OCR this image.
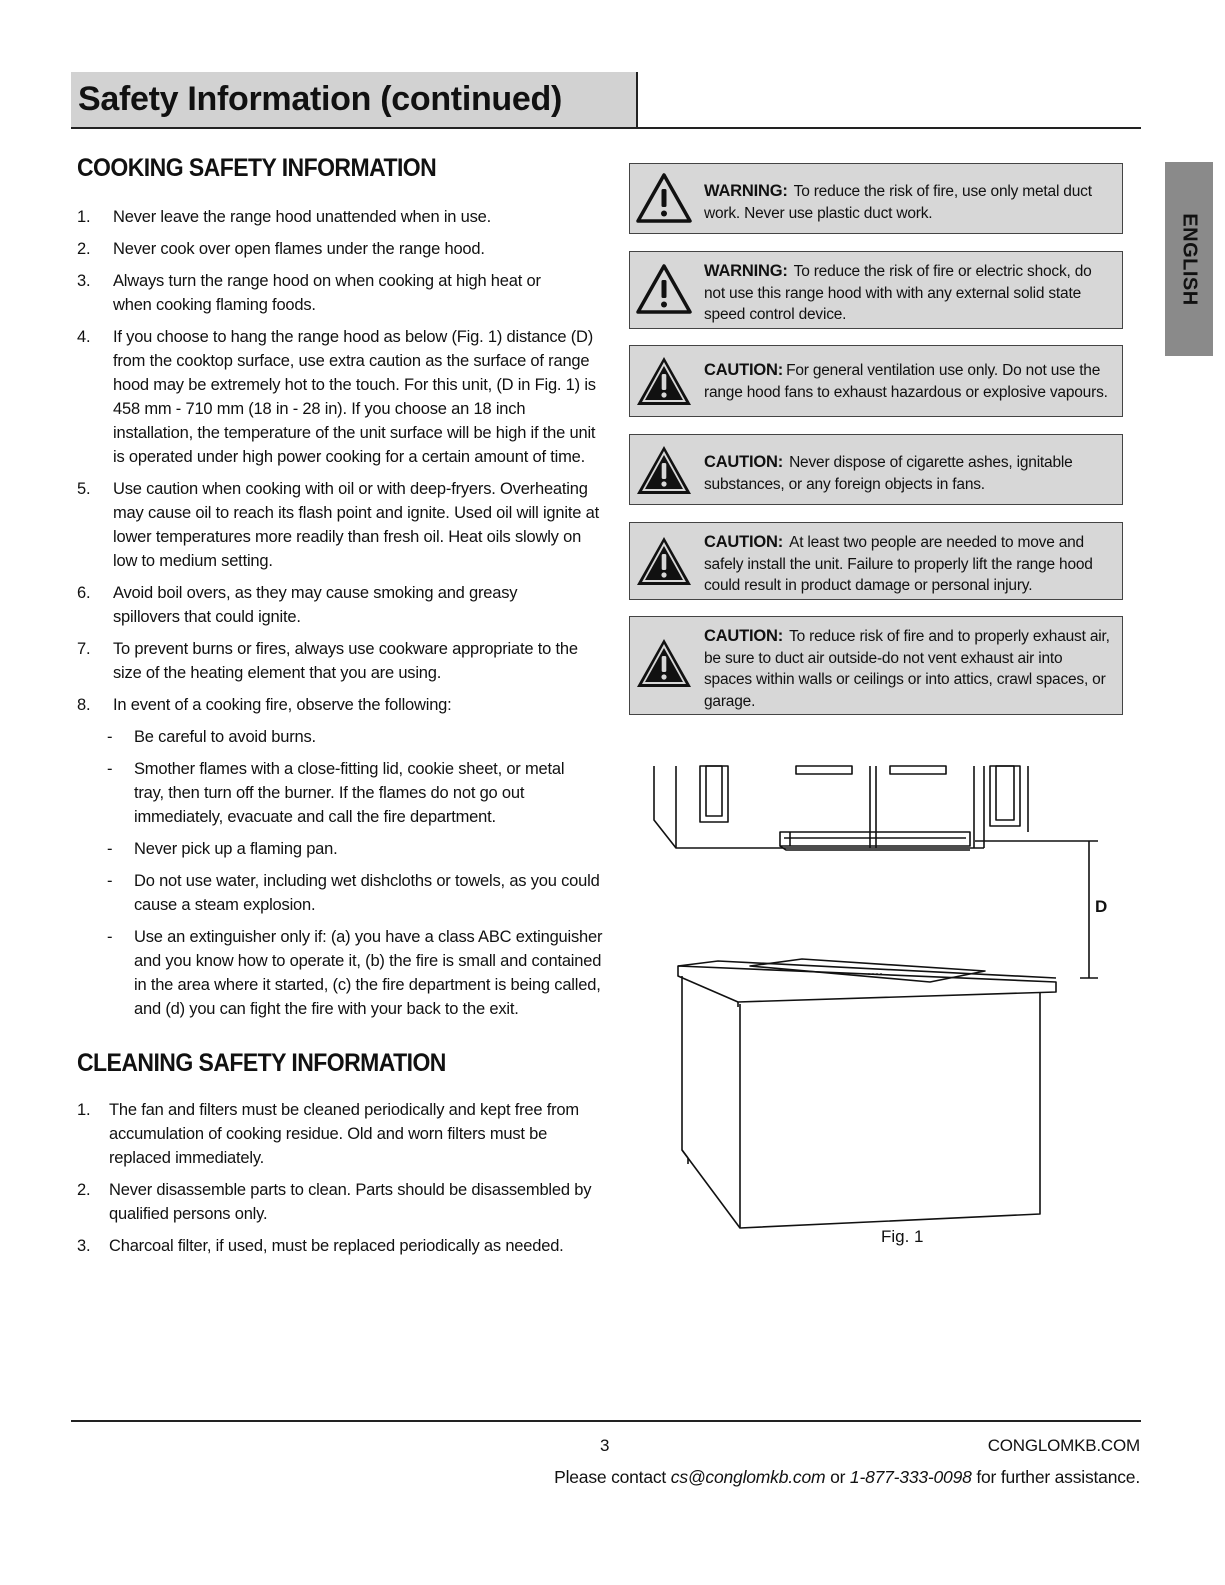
Safety Information (continued)
ENGLISH
COOKING SAFETY INFORMATION
1.	Never leave the range hood unattended when in use.
2.	Never cook over open flames under the range hood.
3.	Always turn the range hood on when cooking at high heat or when cooking flaming foods.
4.	If you choose to hang the range hood as below (Fig. 1) distance (D) from the cooktop surface, use extra caution as the surface of range hood may be extremely hot to the touch. For this unit, (D in Fig. 1) is 458 mm - 710 mm (18 in - 28 in). If you choose an 18 inch installation, the temperature of the unit surface will be high if the unit is operated under high power cooking for a certain amount of time.
5.	Use caution when cooking with oil or with deep-fryers. Overheating may cause oil to reach its flash point and ignite. Used oil will ignite at lower temperatures more readily than fresh oil. Heat oils slowly on low to medium setting.
6.	Avoid boil overs, as they may cause smoking and greasy spillovers that could ignite.
7.	To prevent burns or fires, always use cookware appropriate to the size of the heating element that you are using.
8.	In event of a cooking fire, observe the following:
-	Be careful to avoid burns.
-	Smother flames with a close-fitting lid, cookie sheet, or metal tray, then turn off the burner. If the flames do not go out immediately, evacuate and call the fire department.
-	Never pick up a flaming pan.
-	Do not use water, including wet dishcloths or towels, as you could cause a steam explosion.
-	Use an extinguisher only if: (a) you have a class ABC extinguisher and you know how to operate it, (b) the fire is small and contained in the area where it started, (c) the fire department is being called, and (d) you can fight the fire with your back to the exit.
CLEANING SAFETY INFORMATION
1.	The fan and filters must be cleaned periodically and kept free from accumulation of cooking residue. Old and worn filters must be replaced immediately.
2.	Never disassemble parts to clean. Parts should be disassembled by qualified persons only.
3.	Charcoal filter, if used, must be replaced periodically as needed.
WARNING: To reduce the risk of fire, use only metal duct work. Never use plastic duct work.
WARNING: To reduce the risk of fire or electric shock, do not use this range hood with with any external solid state speed control device.
CAUTION: For general ventilation use only. Do not use the range hood fans to exhaust hazardous or explosive vapours.
CAUTION: Never dispose of cigarette ashes, ignitable substances, or any foreign objects in fans.
CAUTION: At least two people are needed to move and safely install the unit. Failure to properly lift the range hood could result in product damage or personal injury.
CAUTION: To reduce risk of fire and to properly exhaust air, be sure to duct air outside-do not vent exhaust air into spaces within walls or ceilings or into attics, crawl spaces, or garage.
D
Fig. 1
3	CONGLOMKB.COM
Please contact cs@conglomkb.com or 1-877-333-0098 for further assistance.
